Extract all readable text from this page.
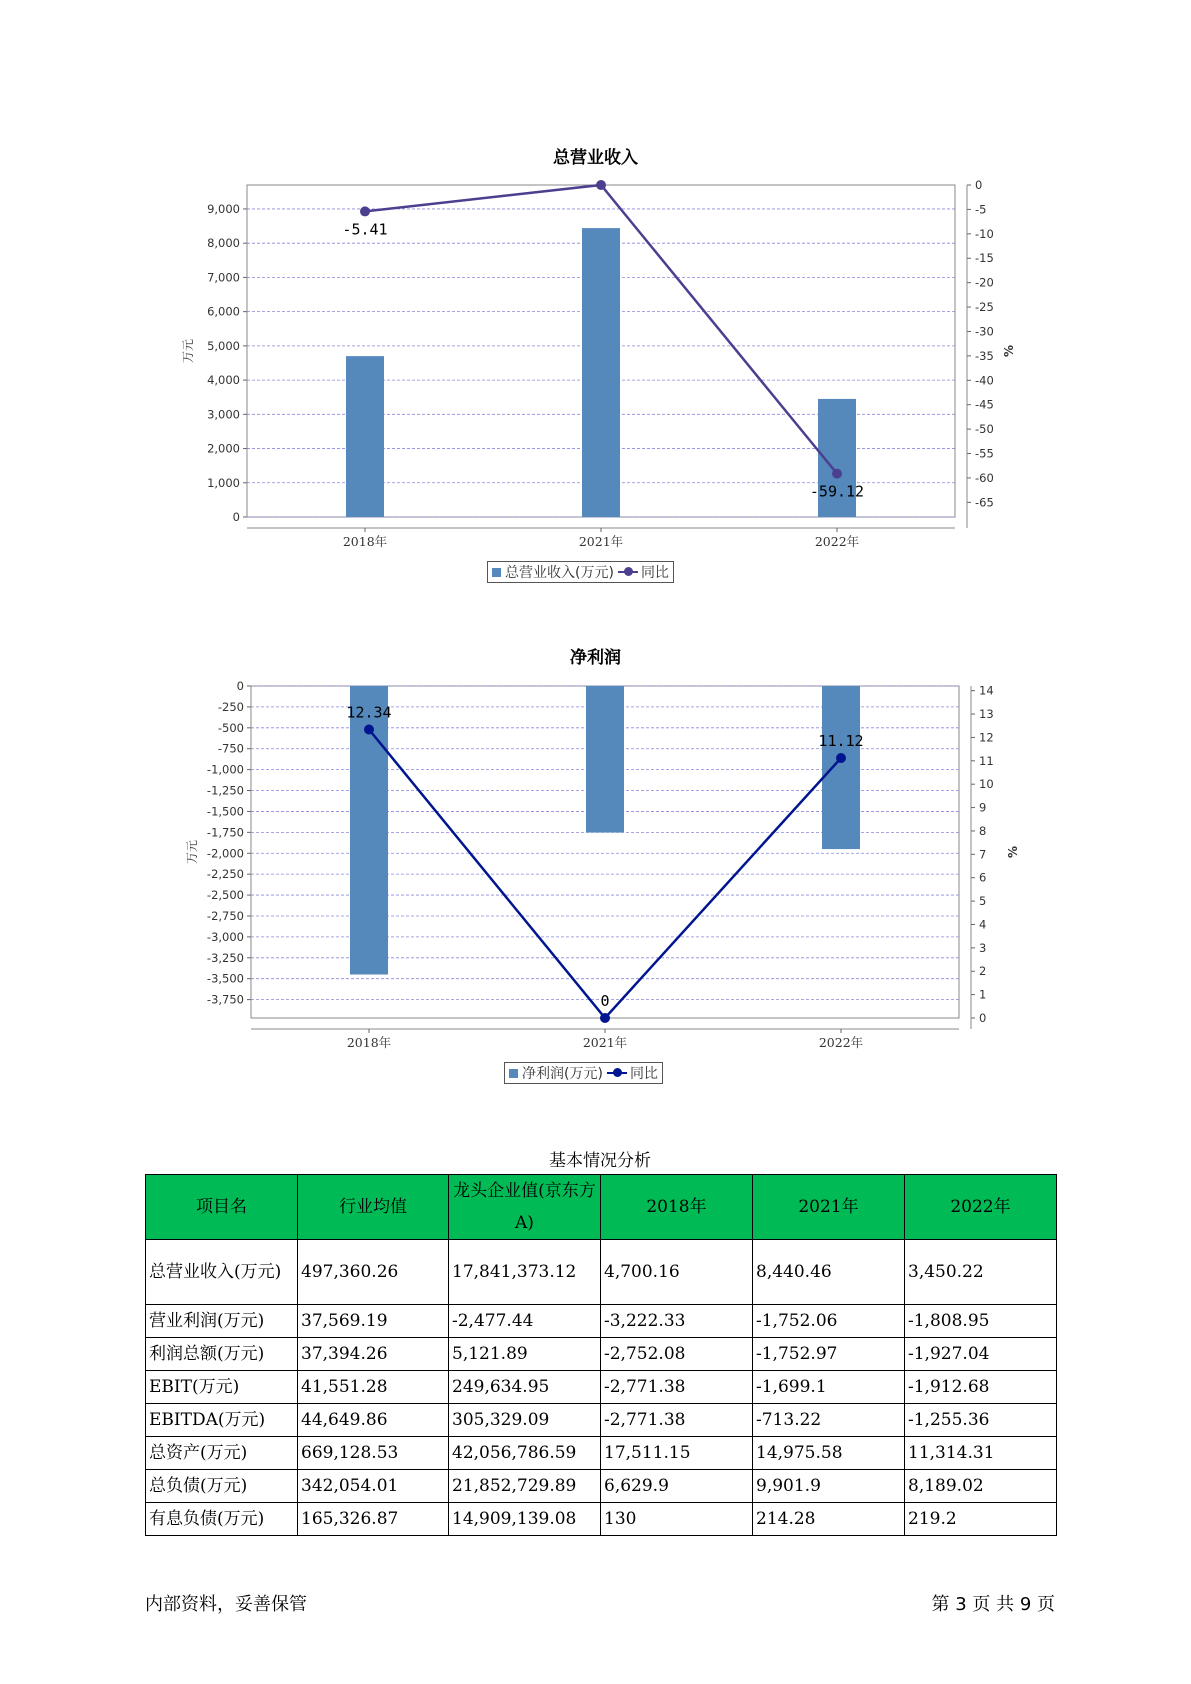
总营业收入
0
1,000
2,000
3,000
4,000
5,000
6,000
7,000
8,000
9,000
0
-5
-10
-15
-20
-25
-30
-35
-40
-45
-50
-55
-60
-65
万元	%
2018年	2021年	2022年
-5.41
-59.12
总营业收入(万元) 同比
净利润
0
-250
-500
-750
-1,000
-1,250
-1,500
-1,750
-2,000
-2,250
-2,500
-2,750
-3,000
-3,250
-3,500
-3,750
0
1
2
3
4
5
6
7
8
9
10
11
12
13
14
万元	%
2018年	2021年	2022年
12.34
0
11.12
净利润(万元) 同比
基本情况分析
项目名	行业均值	龙头企业值(京东方A)	2018年	2021年	2022年
总营业收入(万元)	497,360.26	17,841,373.12	4,700.16	8,440.46	3,450.22
营业利润(万元)	37,569.19	-2,477.44	-3,222.33	-1,752.06	-1,808.95
利润总额(万元)	37,394.26	5,121.89	-2,752.08	-1,752.97	-1,927.04
EBIT(万元)	41,551.28	249,634.95	-2,771.38	-1,699.1	-1,912.68
EBITDA(万元)	44,649.86	305,329.09	-2,771.38	-713.22	-1,255.36
总资产(万元)	669,128.53	42,056,786.59	17,511.15	14,975.58	11,314.31
总负债(万元)	342,054.01	21,852,729.89	6,629.9	9,901.9	8,189.02
有息负债(万元)	165,326.87	14,909,139.08	130	214.28	219.2
内部资料，妥善保管	第 3 页 共 9 页
